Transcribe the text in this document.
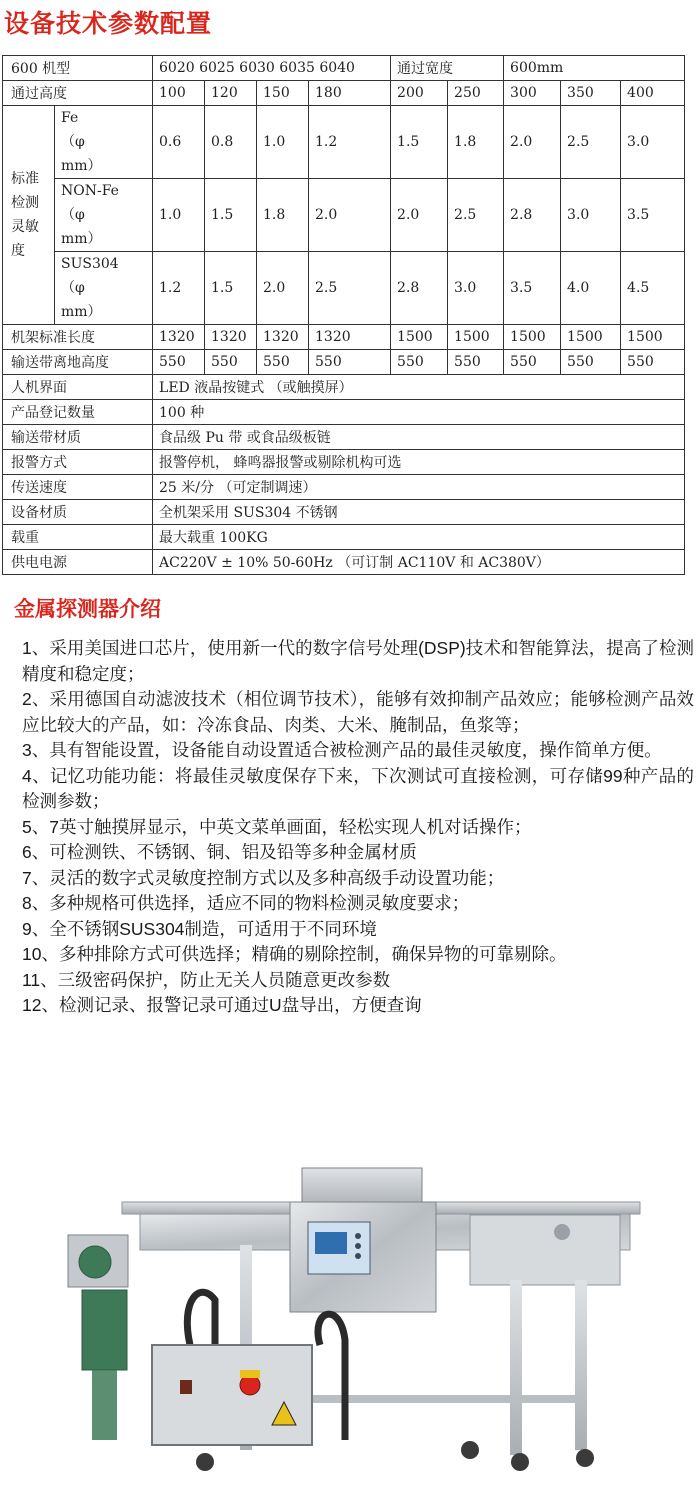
设备技术参数配置
600 机型		6020 6025 6030 6035 6040				通过宽度		600mm		
通过高度		100	120	150	180	200	250	300	350	400
标准
检测
灵敏
度	Fe
（φ
mm）	0.6	0.8	1.0	1.2	1.5	1.8	2.0	2.5	3.0
	NON-Fe
（φ
mm）	1.0	1.5	1.8	2.0	2.0	2.5	2.8	3.0	3.5
	SUS304
（φ
mm）	1.2	1.5	2.0	2.5	2.8	3.0	3.5	4.0	4.5
机架标准长度		1320	1320	1320	1320	1500	1500	1500	1500	1500
输送带离地高度		550	550	550	550	550	550	550	550	550
人机界面		LED 液晶按键式 （或触摸屏）								
产品登记数量		100 种								
输送带材质		食品级 Pu 带 或食品级板链								
报警方式		报警停机， 蜂鸣器报警或剔除机构可选								
传送速度		25 米/分 （可定制调速）								
设备材质		全机架采用 SUS304 不锈钢								
载重		最大载重 100KG								
供电电源		AC220V ± 10% 50-60Hz （可订制 AC110V 和 AC380V）								
金属探测器介绍
1、采用美国进口芯片，使用新一代的数字信号处理(DSP)技术和智能算法，提高了检测精度和稳定度；
2、采用德国自动滤波技术（相位调节技术），能够有效抑制产品效应；能够检测产品效应比较大的产品，如：冷冻食品、肉类、大米、腌制品，鱼浆等；
3、具有智能设置，设备能自动设置适合被检测产品的最佳灵敏度，操作简单方便。
4、记忆功能功能：将最佳灵敏度保存下来，下次测试可直接检测，可存储99种产品的检测参数；
5、7英寸触摸屏显示，中英文菜单画面，轻松实现人机对话操作；
6、可检测铁、不锈钢、铜、铝及铅等多种金属材质
7、灵活的数字式灵敏度控制方式以及多种高级手动设置功能；
8、多种规格可供选择，适应不同的物料检测灵敏度要求；
9、全不锈钢SUS304制造，可适用于不同环境
10、多种排除方式可供选择；精确的剔除控制，确保异物的可靠剔除。
11、三级密码保护，防止无关人员随意更改参数
12、检测记录、报警记录可通过U盘导出，方便查询
